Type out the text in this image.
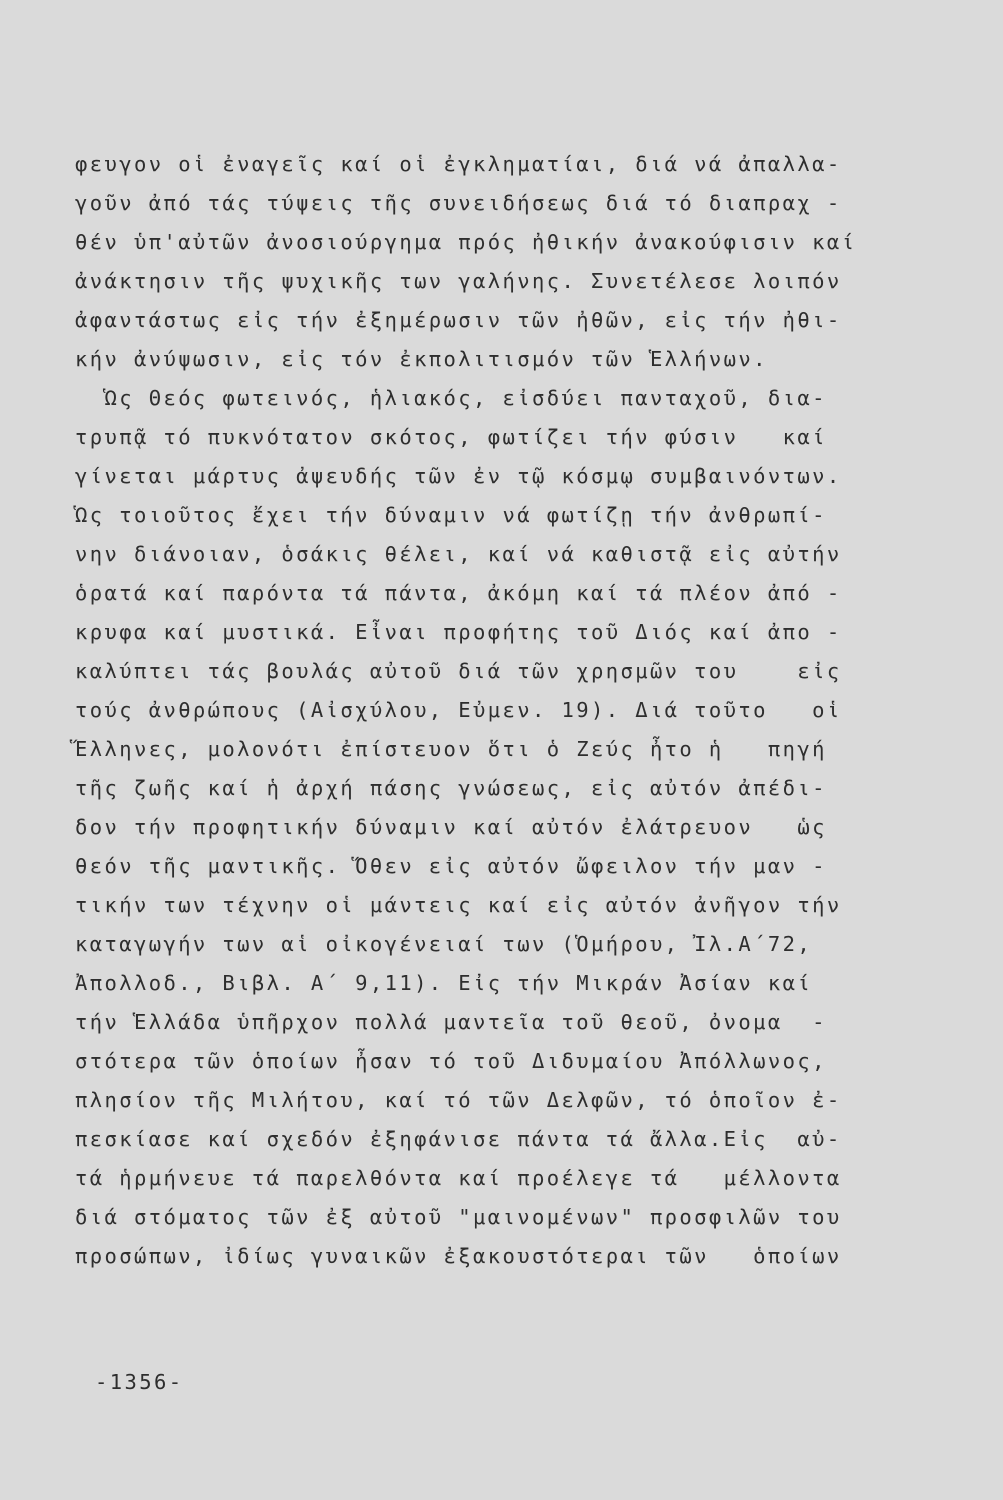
φευγον οἱ ἐναγεῖς καί οἱ ἐγκληματίαι, διά νά ἀπαλλα-
γοῦν ἀπό τάς τύψεις τῆς συνειδήσεως διά τό διαπραχ -
θέν ὑπ'αὐτῶν ἀνοσιούργημα πρός ἠθικήν ἀνακούφισιν καί
ἀνάκτησιν τῆς ψυχικῆς των γαλήνης. Συνετέλεσε λοιπόν
ἀφαντάστως εἰς τήν ἐξημέρωσιν τῶν ἠθῶν, εἰς τήν ἠθι-
κήν ἀνύψωσιν, εἰς τόν ἐκπολιτισμόν τῶν Ἑλλήνων.
Ὡς Θεός φωτεινός, ἡλιακός, εἰσδύει πανταχοῦ, δια-
τρυπᾷ τό πυκνότατον σκότος, φωτίζει τήν φύσιν   καί
γίνεται μάρτυς ἀψευδής τῶν ἐν τῷ κόσμῳ συμβαινόντων.
Ὡς τοιοῦτος ἔχει τήν δύναμιν νά φωτίζῃ τήν ἀνθρωπί-
νην διάνοιαν, ὁσάκις θέλει, καί νά καθιστᾷ εἰς αὐτήν
ὁρατά καί παρόντα τά πάντα, ἀκόμη καί τά πλέον ἀπό -
κρυφα καί μυστικά. Εἶναι προφήτης τοῦ Διός καί ἀπο -
καλύπτει τάς βουλάς αὐτοῦ διά τῶν χρησμῶν του    εἰς
τούς ἀνθρώπους (Αἰσχύλου, Εὐμεν. 19). Διά τοῦτο   οἱ
Ἕλληνες, μολονότι ἐπίστευον ὅτι ὁ Ζεύς ἦτο ἡ   πηγή
τῆς ζωῆς καί ἡ ἀρχή πάσης γνώσεως, εἰς αὐτόν ἀπέδι-
δον τήν προφητικήν δύναμιν καί αὐτόν ἐλάτρευον   ὡς
θεόν τῆς μαντικῆς. Ὅθεν εἰς αὐτόν ὤφειλον τήν μαν -
τικήν των τέχνην οἱ μάντεις καί εἰς αὐτόν ἀνῆγον τήν
καταγωγήν των αἱ οἰκογένειαί των (Ὁμήρου, Ἰλ.Α΄72,
Ἀπολλοδ., Βιβλ. Α΄ 9,11). Εἰς τήν Μικράν Ἀσίαν καί
τήν Ἑλλάδα ὑπῆρχον πολλά μαντεῖα τοῦ θεοῦ, ὀνομα  -
στότερα τῶν ὁποίων ἦσαν τό τοῦ Διδυμαίου Ἀπόλλωνος,
πλησίον τῆς Μιλήτου, καί τό τῶν Δελφῶν, τό ὁποῖον ἐ-
πεσκίασε καί σχεδόν ἐξηφάνισε πάντα τά ἄλλα.Εἰς  αὐ-
τά ἡρμήνευε τά παρελθόντα καί προέλεγε τά   μέλλοντα
διά στόματος τῶν ἐξ αὐτοῦ "μαινομένων" προσφιλῶν του
προσώπων, ἰδίως γυναικῶν ἐξακουστότεραι τῶν   ὁποίων
-1356-
